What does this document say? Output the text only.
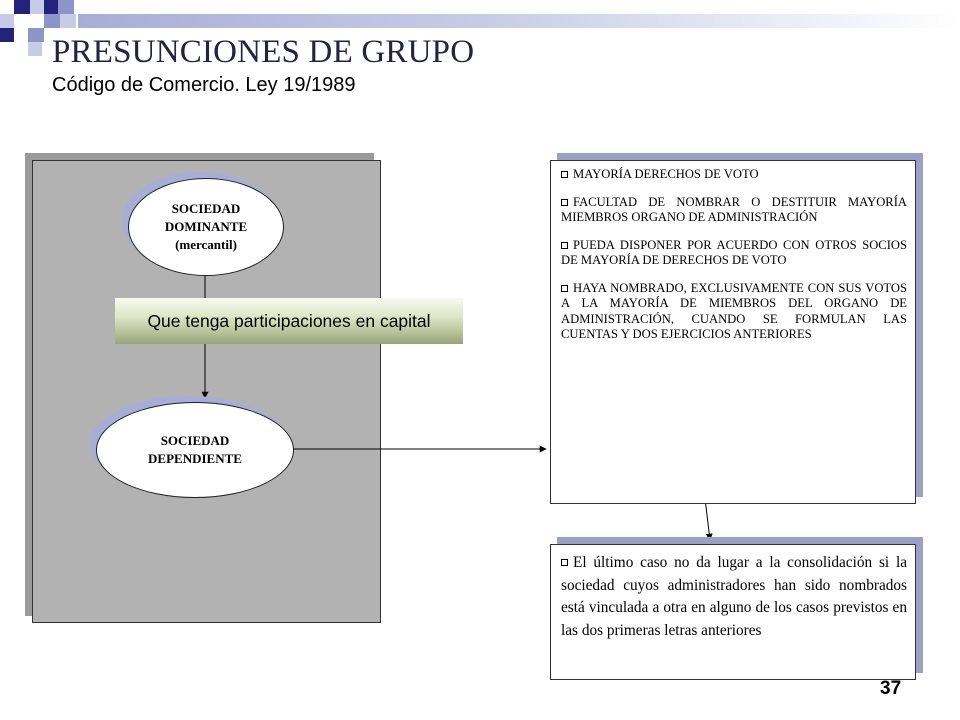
PRESUNCIONES DE GRUPO
Código de Comercio. Ley 19/1989
SOCIEDAD
DOMINANTE
(mercantil)
Que tenga participaciones en capital
SOCIEDAD
DEPENDIENTE

MAYORÍA DERECHOS DE VOTO

FACULTAD DE NOMBRAR O DESTITUIR MAYORÍA MIEMBROS ORGANO DE ADMINISTRACIÓN

PUEDA DISPONER POR ACUERDO CON OTROS SOCIOS DE MAYORÍA DE DERECHOS DE VOTO

HAYA NOMBRADO, EXCLUSIVAMENTE CON SUS VOTOS A LA MAYORÍA DE MIEMBROS DEL ORGANO DE ADMINISTRACIÓN, CUANDO SE FORMULAN LAS CUENTAS Y DOS EJERCICIOS ANTERIORES

El último caso no da lugar a la consolidación si la sociedad cuyos administradores han sido nombrados está vinculada a otra en alguno de los casos previstos en las dos primeras letras anteriores

37
